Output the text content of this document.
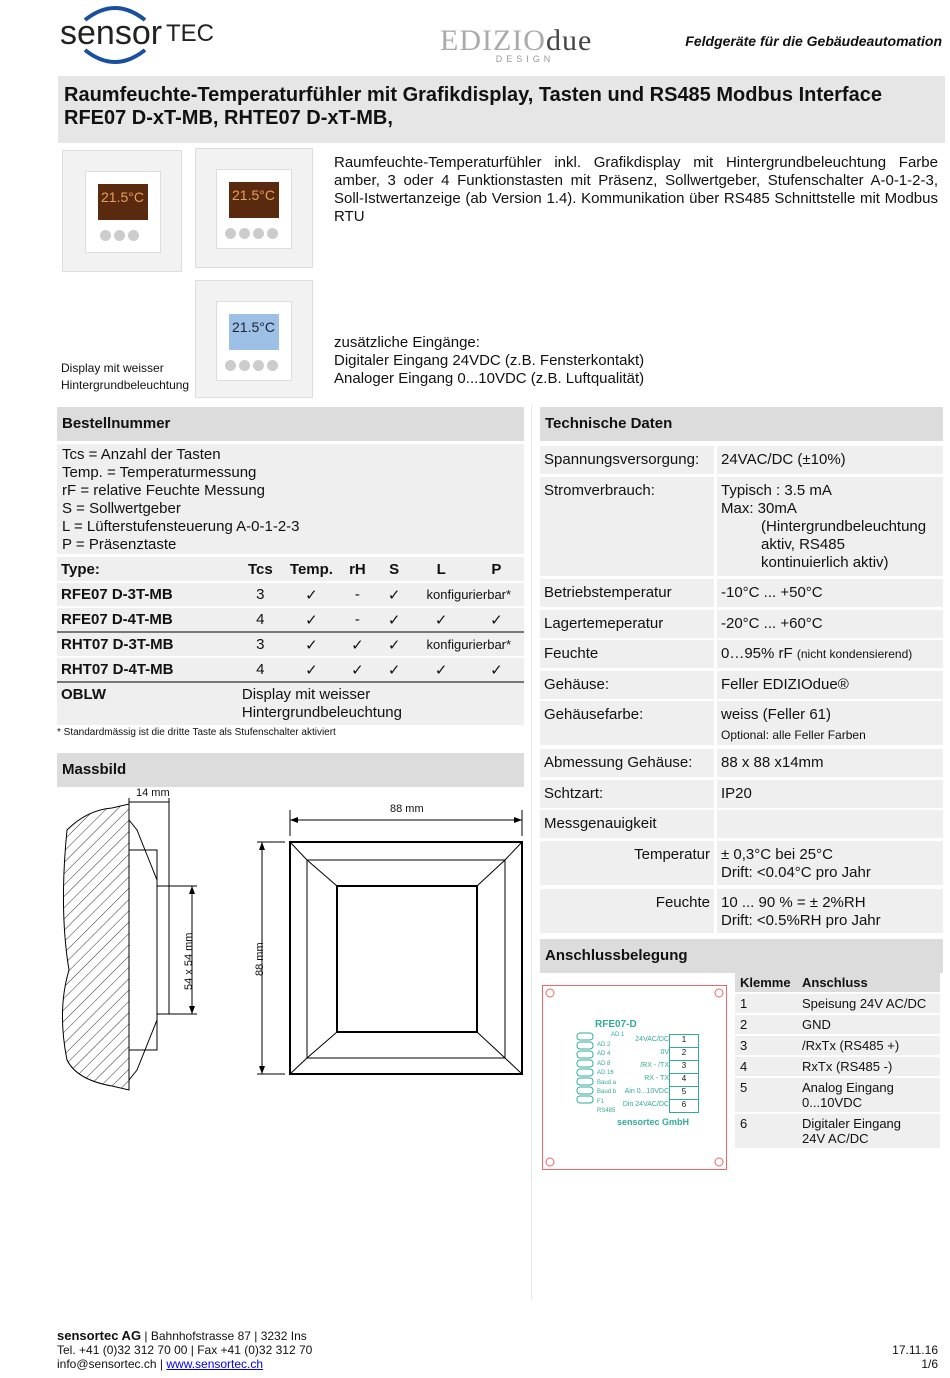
sensor TEC	EDIZIOdue
DESIGN
Feldgeräte für die Gebäudeautomation
Raumfeuchte-Temperaturfühler mit Grafikdisplay, Tasten und RS485 Modbus Interface
RFE07 D-xT-MB, RHTE07 D-xT-MB,
21.5°C	21.5°C
21.5°C
Raumfeuchte-Temperaturfühler inkl. Grafikdisplay mit Hintergrundbeleuchtung Farbe amber, 3 oder 4 Funktionstasten mit Präsenz, Sollwertgeber, Stufenschalter A-0-1-2-3, Soll-Istwertanzeige (ab Version 1.4). Kommunikation über RS485 Schnittstelle mit Modbus RTU
Display mit weisser
Hintergrundbeleuchtung
zusätzliche Eingänge:
Digitaler Eingang 24VDC (z.B. Fensterkontakt)
Analoger Eingang 0...10VDC (z.B. Luftqualität)
Bestellnummer
Tcs = Anzahl der Tasten
Temp. = Temperaturmessung
rF = relative Feuchte Messung
S = Sollwertgeber
L = Lüfterstufensteuerung A-0-1-2-3
P = Präsenztaste
Type:	Tcs	Temp.	rH	S	L	P
RFE07 D-3T-MB	3	✓	-	✓	konfigurierbar*	
RFE07 D-4T-MB	4	✓	-	✓	✓	✓
RHT07 D-3T-MB	3	✓	✓	✓	konfigurierbar*	
RHT07 D-4T-MB	4	✓	✓	✓	✓	✓
OBLW	Display mit weisser
Hintergrundbeleuchtung					
* Standardmässig ist die dritte Taste als Stufenschalter aktiviert
Massbild
14 mm
88 mm
54 x 54 mm	88 mm
Technische Daten
Spannungsversorgung:	24VAC/DC (±10%)
Stromverbrauch:	Typisch : 3.5 mA
Max: 30mA
(Hintergrundbeleuchtung
aktiv, RS485
kontinuierlich aktiv)
Betriebstemperatur	-10°C ... +50°C
Lagertemeperatur	-20°C ... +60°C
Feuchte	0…95% rF (nicht kondensierend)
Gehäuse:	Feller EDIZIOdue®
Gehäusefarbe:	weiss (Feller 61)
Optional: alle Feller Farben
Abmessung Gehäuse:	88 x 88 x14mm
Schtzart:	IP20
Messgenauigkeit
Temperatur ± 0,3°C bei 25°C
Drift: <0.04°C pro Jahr
Feuchte 10 ... 90 % = ± 2%RH
Drift: <0.5%RH pro Jahr
Anschlussbelegung
RFE07-D
AD 1
AD 2
AD 4
AD 8
AD 16
Baud a
Baud b
F1
RS485
24VAC/DC
0V
/RX - /TX
RX - TX
Ain 0...10VDC
Din 24VAC/DC
1
2
3
4
5
6
sensortec GmbH
Klemme	Anschluss
1	Speisung 24V AC/DC
2	GND
3	/RxTx (RS485 +)
4	RxTx (RS485 -)
5	Analog Eingang
0...10VDC

6	Digitaler Eingang
24V AC/DC
sensortec AG | Bahnhofstrasse 87 | 3232 Ins
Tel. +41 (0)32 312 70 00 | Fax +41 (0)32 312 70
info@sensortec.ch | www.sensortec.ch
17.11.16
1/6
